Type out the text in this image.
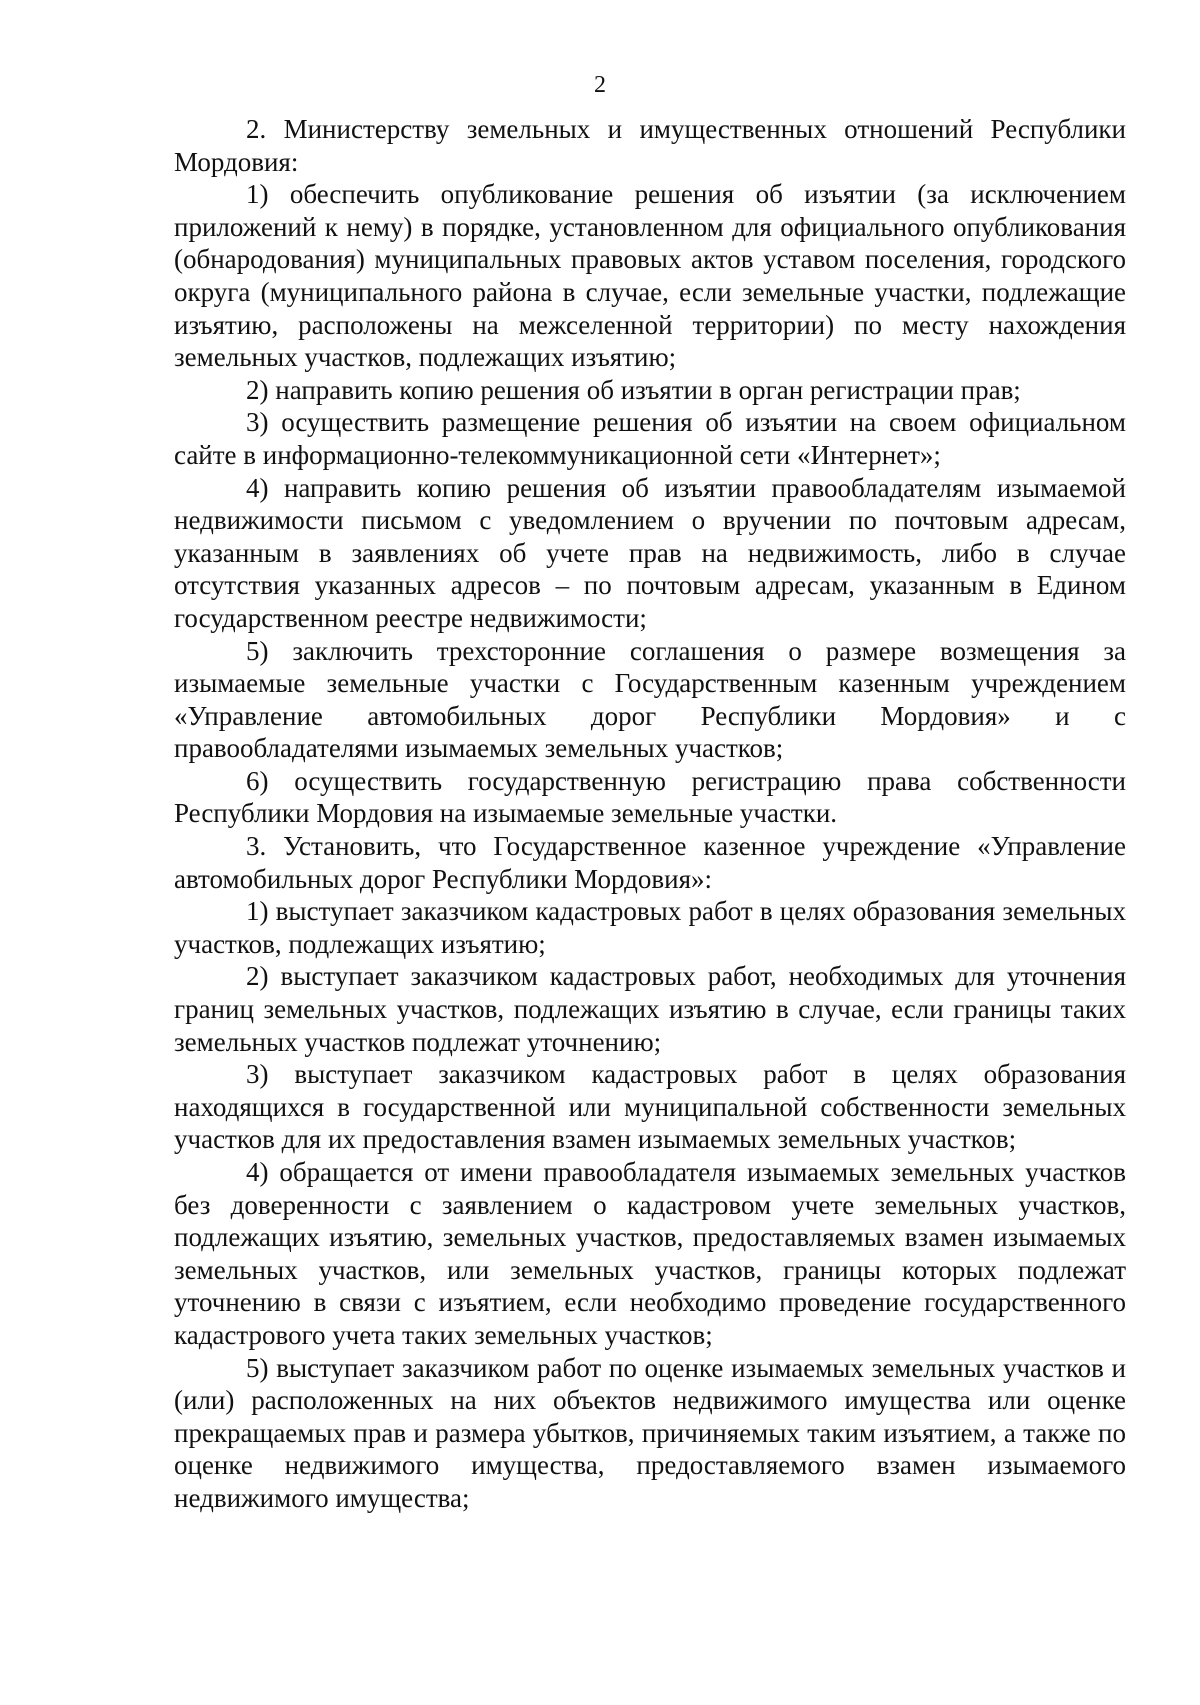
2

2. Министерству земельных и имущественных отношений Республики Мордовия:

1) обеспечить опубликование решения об изъятии (за исключением приложений к нему) в порядке, установленном для официального опубликования (обнародования) муниципальных правовых актов уставом поселения, городского округа (муниципального района в случае, если земельные участки, подлежащие изъятию, расположены на межселенной территории) по месту нахождения земельных участков, подлежащих изъятию;

2) направить копию решения об изъятии в орган регистрации прав;

3) осуществить размещение решения об изъятии на своем официальном сайте в информационно-телекоммуникационной сети «Интернет»;

4) направить копию решения об изъятии правообладателям изымаемой недвижимости письмом с уведомлением о вручении по почтовым адресам, указанным в заявлениях об учете прав на недвижимость, либо в случае отсутствия указанных адресов – по почтовым адресам, указанным в Едином государственном реестре недвижимости;

5) заключить трехсторонние соглашения о размере возмещения за изымаемые земельные участки с Государственным казенным учреждением «Управление автомобильных дорог Республики Мордовия» и с правообладателями изымаемых земельных участков;

6) осуществить государственную регистрацию права собственности Республики Мордовия на изымаемые земельные участки.

3. Установить, что Государственное казенное учреждение «Управление автомобильных дорог Республики Мордовия»:

1) выступает заказчиком кадастровых работ в целях образования земельных участков, подлежащих изъятию;

2) выступает заказчиком кадастровых работ, необходимых для уточнения границ земельных участков, подлежащих изъятию в случае, если границы таких земельных участков подлежат уточнению;

3) выступает заказчиком кадастровых работ в целях образования находящихся в государственной или муниципальной собственности земельных участков для их предоставления взамен изымаемых земельных участков;

4) обращается от имени правообладателя изымаемых земельных участков без доверенности с заявлением о кадастровом учете земельных участков, подлежащих изъятию, земельных участков, предоставляемых взамен изымаемых земельных участков, или земельных участков, границы которых подлежат уточнению в связи с изъятием, если необходимо проведение государственного кадастрового учета таких земельных участков;

5) выступает заказчиком работ по оценке изымаемых земельных участков и (или) расположенных на них объектов недвижимого имущества или оценке прекращаемых прав и размера убытков, причиняемых таким изъятием, а также по оценке недвижимого имущества, предоставляемого взамен изымаемого недвижимого имущества;
